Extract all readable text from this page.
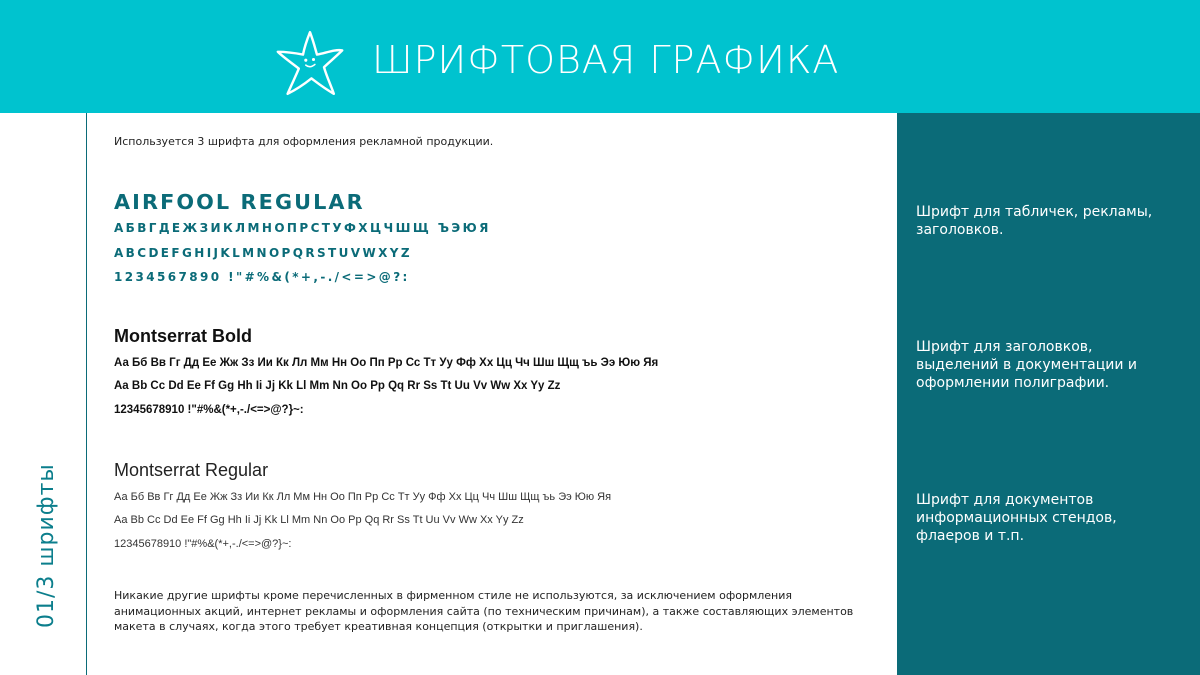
ШРИФТОВАЯ ГРАФИКА
01/3 шрифты
Используется 3 шрифта для оформления рекламной продукции.
AIRFOOL REGULAR
АБВГДЕЖЗИКЛМНОПРСТУФХЦЧШЩ ЪЭЮЯ
ABCDEFGHIJKLMNOPQRSTUVWXYZ
1234567890 !"#%&(*+,-./<=>@?:
Montserrat Bold
Аа Бб Вв Гг Дд Ее Жж Зз Ии Кк Лл Мм Нн Оо Пп Рр Сс Тт Уу Фф Хх Цц Чч Шш Щщ ъь Ээ Юю Яя
Aa Bb Cc Dd Ee Ff Gg Hh Ii Jj Kk Ll Mm Nn Oo Pp Qq Rr Ss Tt Uu Vv Ww Xx Yy Zz
12345678910 !"#%&(*+,-./<=>@?}~:
Montserrat Regular
Аа Бб Вв Гг Дд Ее Жж Зз Ии Кк Лл Мм Нн Оо Пп Рр Сс Тт Уу Фф Хх Цц Чч Шш Щщ ъь Ээ Юю Яя
Aa Bb Cc Dd Ee Ff Gg Hh Ii Jj Kk Ll Mm Nn Oo Pp Qq Rr Ss Tt Uu Vv Ww Xx Yy Zz
12345678910 !"#%&(*+,-./<=>@?}~:

Никакие другие шрифты кроме перечисленных в фирменном стиле не используются, за исключением оформления анимационных акций, интернет рекламы и оформления сайта (по техническим причинам), а также составляющих элементов макета в случаях, когда этого требует креативная концепция (открытки и приглашения).

Шрифт для табличек, рекламы, заголовков.

Шрифт для заголовков, выделений в документации и оформлении полиграфии.

Шрифт для документов информационных стендов, флаеров и т.п.
